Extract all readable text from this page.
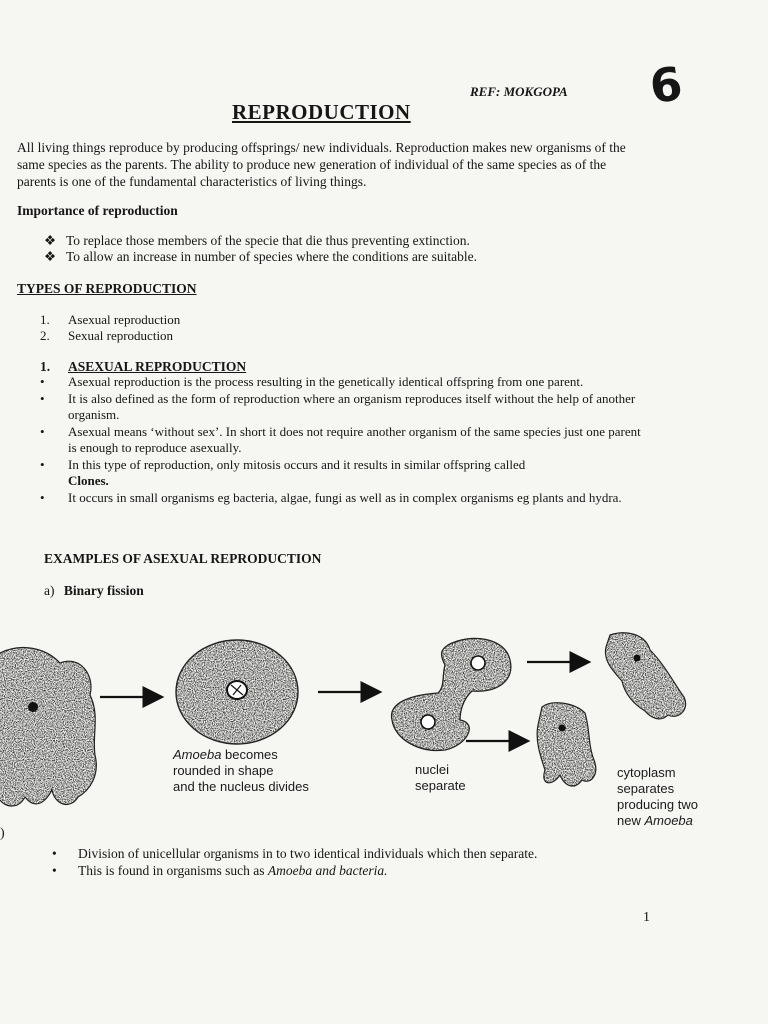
REF: MOKGOPA 6
REPRODUCTION
All living things reproduce by producing offsprings/ new individuals. Reproduction makes new organisms of the same species as the parents. The ability to produce new generation of individual of the same species as of the parents is one of the fundamental characteristics of living things.
Importance of reproduction
❖ To replace those members of the specie that die thus preventing extinction.
❖ To allow an increase in number of species where the conditions are suitable.
TYPES OF REPRODUCTION
1.	Asexual reproduction
2.	Sexual reproduction
1.	ASEXUAL REPRODUCTION
•	Asexual reproduction is the process resulting in the genetically identical offspring from one parent.
•	It is also defined as the form of reproduction where an organism reproduces itself without the help of another organism.
•	Asexual means ‘without sex’. In short it does not require another organism of the same species just one parent is enough to reproduce asexually.
•	In this type of reproduction, only mitosis occurs and it results in similar offspring called
Clones.
•	It occurs in small organisms eg bacteria, algae, fungi as well as in complex organisms eg plants and hydra.
EXAMPLES OF ASEXUAL REPRODUCTION
a) Binary fission
Amoeba becomes
rounded in shape
and the nucleus divides
nuclei
separate
cytoplasm
separates
producing two
new Amoeba
)
•	Division of unicellular organisms in to two identical individuals which then separate.
•	This is found in organisms such as Amoeba and bacteria.
1
